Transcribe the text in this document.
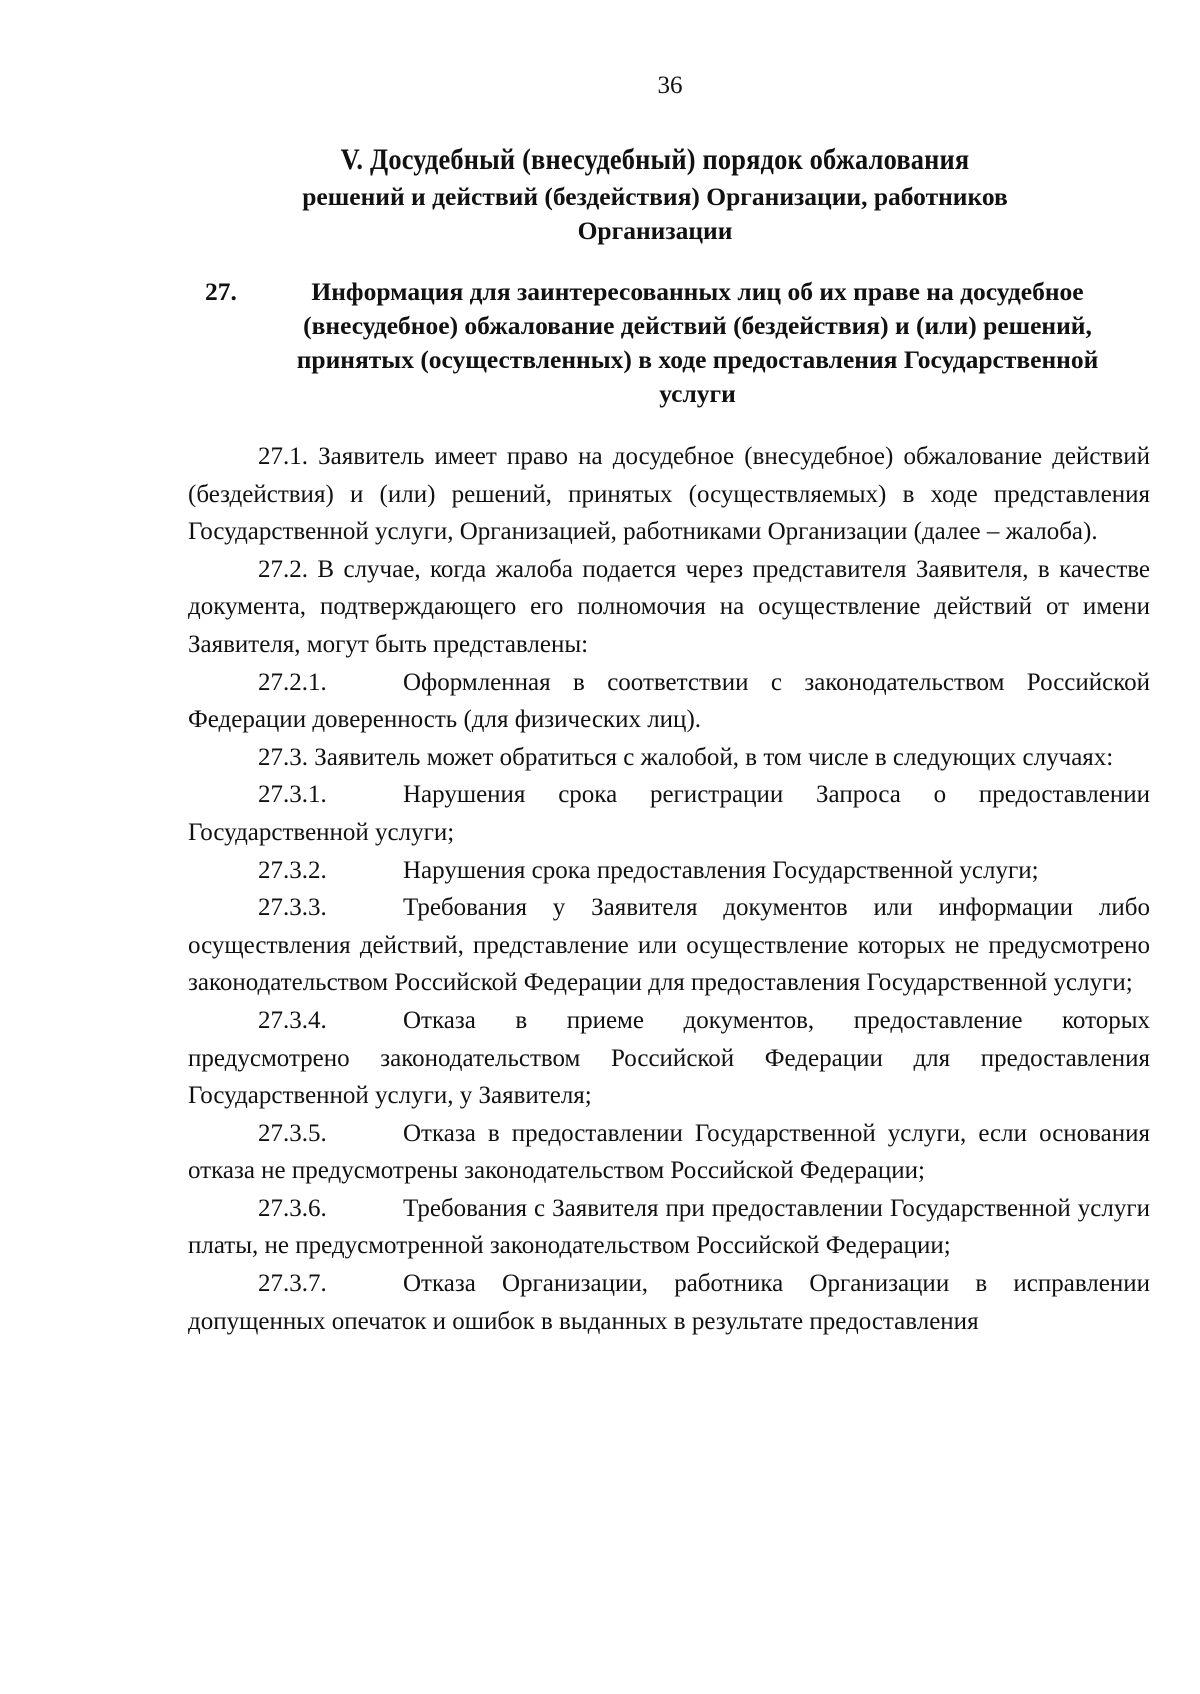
36
V. Досудебный (внесудебный) порядок обжалования
решений и действий (бездействия) Организации, работников
Организации
27.	Информация для заинтересованных лиц об их праве на досудебное
(внесудебное) обжалование действий (бездействия) и (или) решений,
принятых (осуществленных) в ходе предоставления Государственной
услуги

27.1. Заявитель имеет право на досудебное (внесудебное) обжалование действий (бездействия) и (или) решений, принятых (осуществляемых) в ходе представления Государственной услуги, Организацией, работниками Организации (далее – жалоба).

27.2. В случае, когда жалоба подается через представителя Заявителя, в качестве документа, подтверждающего его полномочия на осуществление действий от имени Заявителя, могут быть представлены:

27.2.1.	Оформленная в соответствии с законодательством Российской Федерации доверенность (для физических лиц).

27.3. Заявитель может обратиться с жалобой, в том числе в следующих случаях:

27.3.1.	Нарушения срока регистрации Запроса о предоставлении Государственной услуги;

27.3.2.	Нарушения срока предоставления Государственной услуги;

27.3.3.	Требования у Заявителя документов или информации либо осуществления действий, представление или осуществление которых не предусмотрено законодательством Российской Федерации для предоставления Государственной услуги;

27.3.4.	Отказа в приеме документов, предоставление которых предусмотрено законодательством Российской Федерации для предоставления Государственной услуги, у Заявителя;

27.3.5.	Отказа в предоставлении Государственной услуги, если основания отказа не предусмотрены законодательством Российской Федерации;

27.3.6.	Требования с Заявителя при предоставлении Государственной услуги платы, не предусмотренной законодательством Российской Федерации;

27.3.7.	Отказа Организации, работника Организации в исправлении допущенных опечаток и ошибок в выданных в результате предоставления
